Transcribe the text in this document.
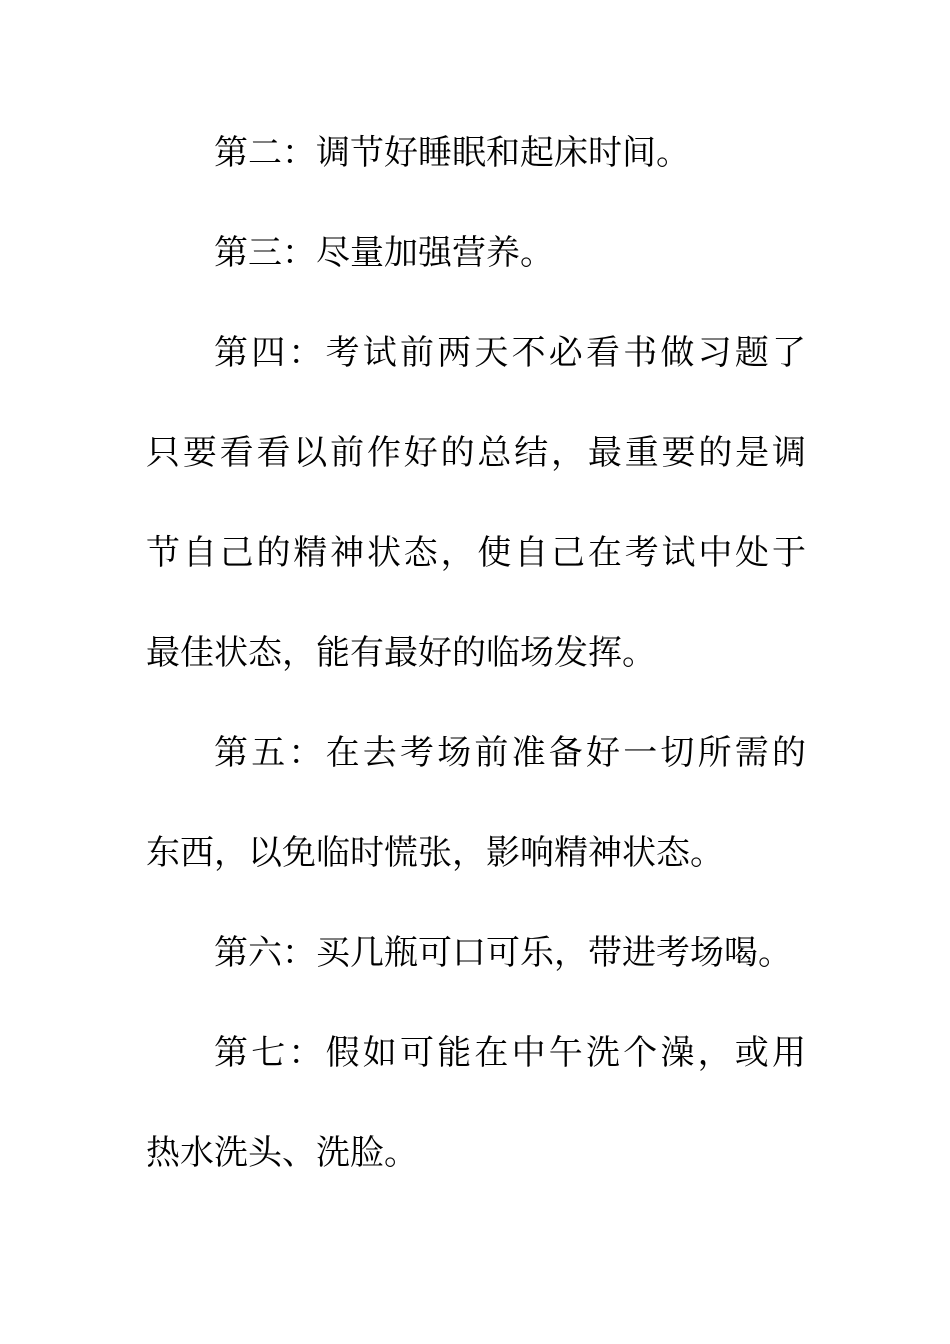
第二：调节好睡眠和起床时间。
第三：尽量加强营养。
第四：考试前两天不必看书做习题了
只要看看以前作好的总结，最重要的是调
节自己的精神状态，使自己在考试中处于
最佳状态，能有最好的临场发挥。
第五：在去考场前准备好一切所需的
东西，以免临时慌张，影响精神状态。
第六：买几瓶可口可乐，带进考场喝。
第七：假如可能在中午洗个澡，或用
热水洗头、洗脸。
